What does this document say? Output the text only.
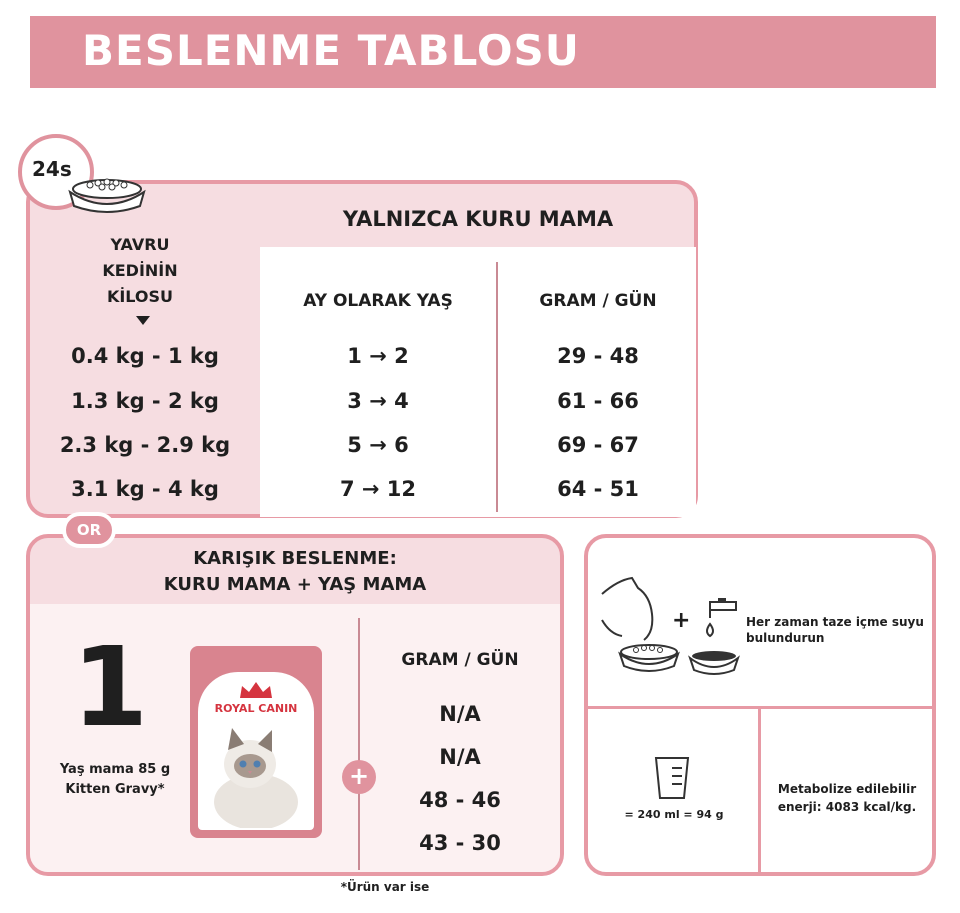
BESLENME TABLOSU
24s
YALNIZCA KURU MAMA
YAVRU
KEDİNİN
KİLOSU	AY OLARAK YAŞ	GRAM / GÜN
0.4 kg - 1 kg	1 → 2	29 - 48
1.3 kg - 2 kg	3 → 4	61 - 66
2.3 kg - 2.9 kg	5 → 6	69 - 67
3.1 kg - 4 kg	7 → 12	64 - 51
OR
KARIŞIK BESLENME:
KURU MAMA + YAŞ MAMA
1
Yaş mama 85 g
Kitten Gravy*
ROYAL CANIN
+
GRAM / GÜN
N/A
N/A
48 - 46
43 - 30
*Ürün var ise
+	Her zaman taze içme suyu
bulundurun
= 240 ml = 94 g
Metabolize edilebilir
enerji: 4083 kcal/kg.
